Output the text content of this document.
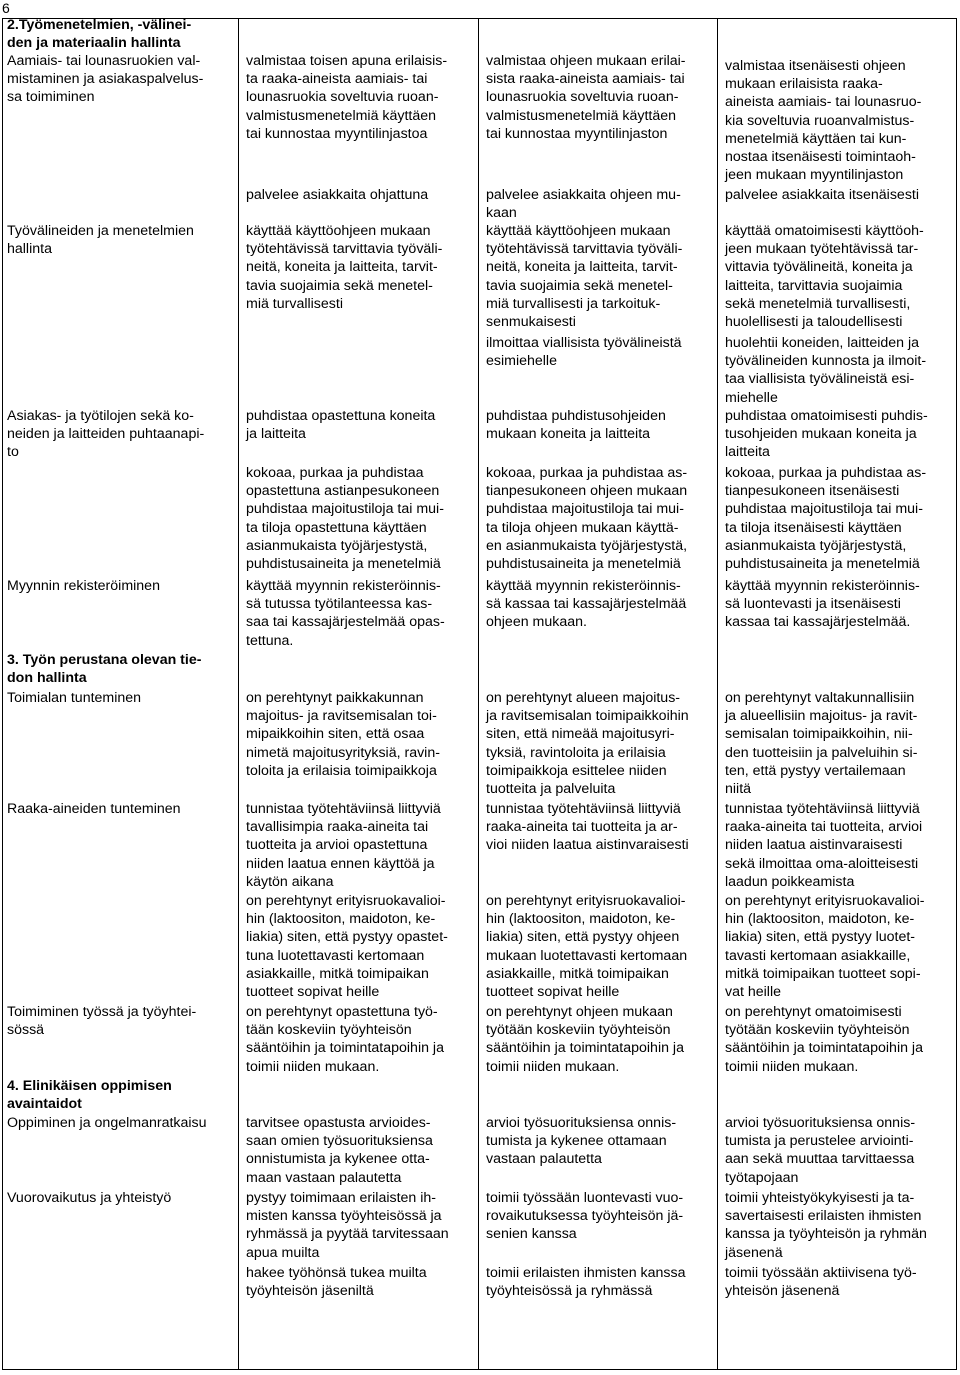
6
2.Työmenetelmien, -välinei-
den ja materiaalin hallinta
Aamiais- tai lounasruokien val-
mistaminen ja asiakaspalvelus-
sa toimiminen
Työvälineiden ja menetelmien
hallinta
Asiakas- ja työtilojen sekä ko-
neiden ja laitteiden puhtaanapi-
to
Myynnin rekisteröiminen
3. Työn perustana olevan tie-
don hallinta
Toimialan tunteminen
Raaka-aineiden tunteminen
Toimiminen työssä ja työyhtei-
sössä
4. Elinikäisen oppimisen
avaintaidot
Oppiminen ja ongelmanratkaisu
Vuorovaikutus ja yhteistyö
valmistaa toisen apuna erilaisis-
ta raaka-aineista aamiais- tai
lounasruokia soveltuvia ruoan-
valmistusmenetelmiä käyttäen
tai kunnostaa myyntilinjastoa
palvelee asiakkaita ohjattuna
käyttää käyttöohjeen mukaan
työtehtävissä tarvittavia työväli-
neitä, koneita ja laitteita, tarvit-
tavia suojaimia sekä menetel-
miä turvallisesti
puhdistaa opastettuna koneita
ja laitteita
kokoaa, purkaa ja puhdistaa
opastettuna astianpesukoneen
puhdistaa majoitustiloja tai mui-
ta tiloja opastettuna käyttäen
asianmukaista työjärjestystä,
puhdistusaineita ja menetelmiä
käyttää myynnin rekisteröinnis-
sä tutussa työtilanteessa kas-
saa tai kassajärjestelmää opas-
tettuna.
on perehtynyt paikkakunnan
majoitus- ja ravitsemisalan toi-
mipaikkoihin siten, että osaa
nimetä majoitusyrityksiä, ravin-
toloita ja erilaisia toimipaikkoja
tunnistaa työtehtäviinsä liittyviä
tavallisimpia raaka-aineita tai
tuotteita ja arvioi opastettuna
niiden laatua ennen käyttöä ja
käytön aikana
on perehtynyt erityisruokavalioi-
hin (laktoositon, maidoton, ke-
liakia) siten, että pystyy opastet-
tuna luotettavasti kertomaan
asiakkaille, mitkä toimipaikan
tuotteet sopivat heille
on perehtynyt opastettuna työ-
tään koskeviin työyhteisön
sääntöihin ja toimintatapoihin ja
toimii niiden mukaan.
tarvitsee opastusta arvioides-
saan omien työsuorituksiensa
onnistumista ja kykenee otta-
maan vastaan palautetta
pystyy toimimaan erilaisten ih-
misten kanssa työyhteisössä ja
ryhmässä ja pyytää tarvitessaan
apua muilta
hakee työhönsä tukea muilta
työyhteisön jäseniltä
valmistaa ohjeen mukaan erilai-
sista raaka-aineista aamiais- tai
lounasruokia soveltuvia ruoan-
valmistusmenetelmiä käyttäen
tai kunnostaa myyntilinjaston
palvelee asiakkaita ohjeen mu-
kaan
käyttää käyttöohjeen mukaan
työtehtävissä tarvittavia työväli-
neitä, koneita ja laitteita, tarvit-
tavia suojaimia sekä menetel-
miä turvallisesti ja tarkoituk-
senmukaisesti
ilmoittaa viallisista työvälineistä
esimiehelle
puhdistaa puhdistusohjeiden
mukaan koneita ja laitteita
kokoaa, purkaa ja puhdistaa as-
tianpesukoneen ohjeen mukaan
puhdistaa majoitustiloja tai mui-
ta tiloja ohjeen mukaan käyttä-
en asianmukaista työjärjestystä,
puhdistusaineita ja menetelmiä
käyttää myynnin rekisteröinnis-
sä kassaa tai kassajärjestelmää
ohjeen mukaan.
on perehtynyt alueen majoitus-
ja ravitsemisalan toimipaikkoihin
siten, että nimeää majoitusyri-
tyksiä, ravintoloita ja erilaisia
toimipaikkoja esittelee niiden
tuotteita ja palveluita
tunnistaa työtehtäviinsä liittyviä
raaka-aineita tai tuotteita ja ar-
vioi niiden laatua aistinvaraisesti
on perehtynyt erityisruokavalioi-
hin (laktoositon, maidoton, ke-
liakia) siten, että pystyy ohjeen
mukaan luotettavasti kertomaan
asiakkaille, mitkä toimipaikan
tuotteet sopivat heille
on perehtynyt ohjeen mukaan
työtään koskeviin työyhteisön
sääntöihin ja toimintatapoihin ja
toimii niiden mukaan.
arvioi työsuorituksiensa onnis-
tumista ja kykenee ottamaan
vastaan palautetta
toimii työssään luontevasti vuo-
rovaikutuksessa työyhteisön jä-
senien kanssa
toimii erilaisten ihmisten kanssa
työyhteisössä ja ryhmässä
valmistaa itsenäisesti ohjeen
mukaan erilaisista raaka-
aineista aamiais- tai lounasruo-
kia soveltuvia ruoanvalmistus-
menetelmiä käyttäen tai kun-
nostaa itsenäisesti toimintaoh-
jeen mukaan myyntilinjaston
palvelee asiakkaita itsenäisesti
käyttää omatoimisesti käyttöoh-
jeen mukaan työtehtävissä tar-
vittavia työvälineitä, koneita ja
laitteita, tarvittavia suojaimia
sekä menetelmiä turvallisesti,
huolellisesti ja taloudellisesti
huolehtii koneiden, laitteiden ja
työvälineiden kunnosta ja ilmoit-
taa viallisista työvälineistä esi-
miehelle
puhdistaa omatoimisesti puhdis-
tusohjeiden mukaan koneita ja
laitteita
kokoaa, purkaa ja puhdistaa as-
tianpesukoneen itsenäisesti
puhdistaa majoitustiloja tai mui-
ta tiloja itsenäisesti käyttäen
asianmukaista työjärjestystä,
puhdistusaineita ja menetelmiä
käyttää myynnin rekisteröinnis-
sä luontevasti ja itsenäisesti
kassaa tai kassajärjestelmää.
on perehtynyt valtakunnallisiin
ja alueellisiin majoitus- ja ravit-
semisalan toimipaikkoihin, nii-
den tuotteisiin ja palveluihin si-
ten, että pystyy vertailemaan
niitä
tunnistaa työtehtäviinsä liittyviä
raaka-aineita tai tuotteita, arvioi
niiden laatua aistinvaraisesti
sekä ilmoittaa oma-aloitteisesti
laadun poikkeamista
on perehtynyt erityisruokavalioi-
hin (laktoositon, maidoton, ke-
liakia) siten, että pystyy luotet-
tavasti kertomaan asiakkaille,
mitkä toimipaikan tuotteet sopi-
vat heille
on perehtynyt omatoimisesti
työtään koskeviin työyhteisön
sääntöihin ja toimintatapoihin ja
toimii niiden mukaan.
arvioi työsuorituksiensa onnis-
tumista ja perustelee arviointi-
aan sekä muuttaa tarvittaessa
työtapojaan
toimii yhteistyökykyisesti ja ta-
savertaisesti erilaisten ihmisten
kanssa ja työyhteisön ja ryhmän
jäsenenä
toimii työssään aktiivisena työ-
yhteisön jäsenenä
